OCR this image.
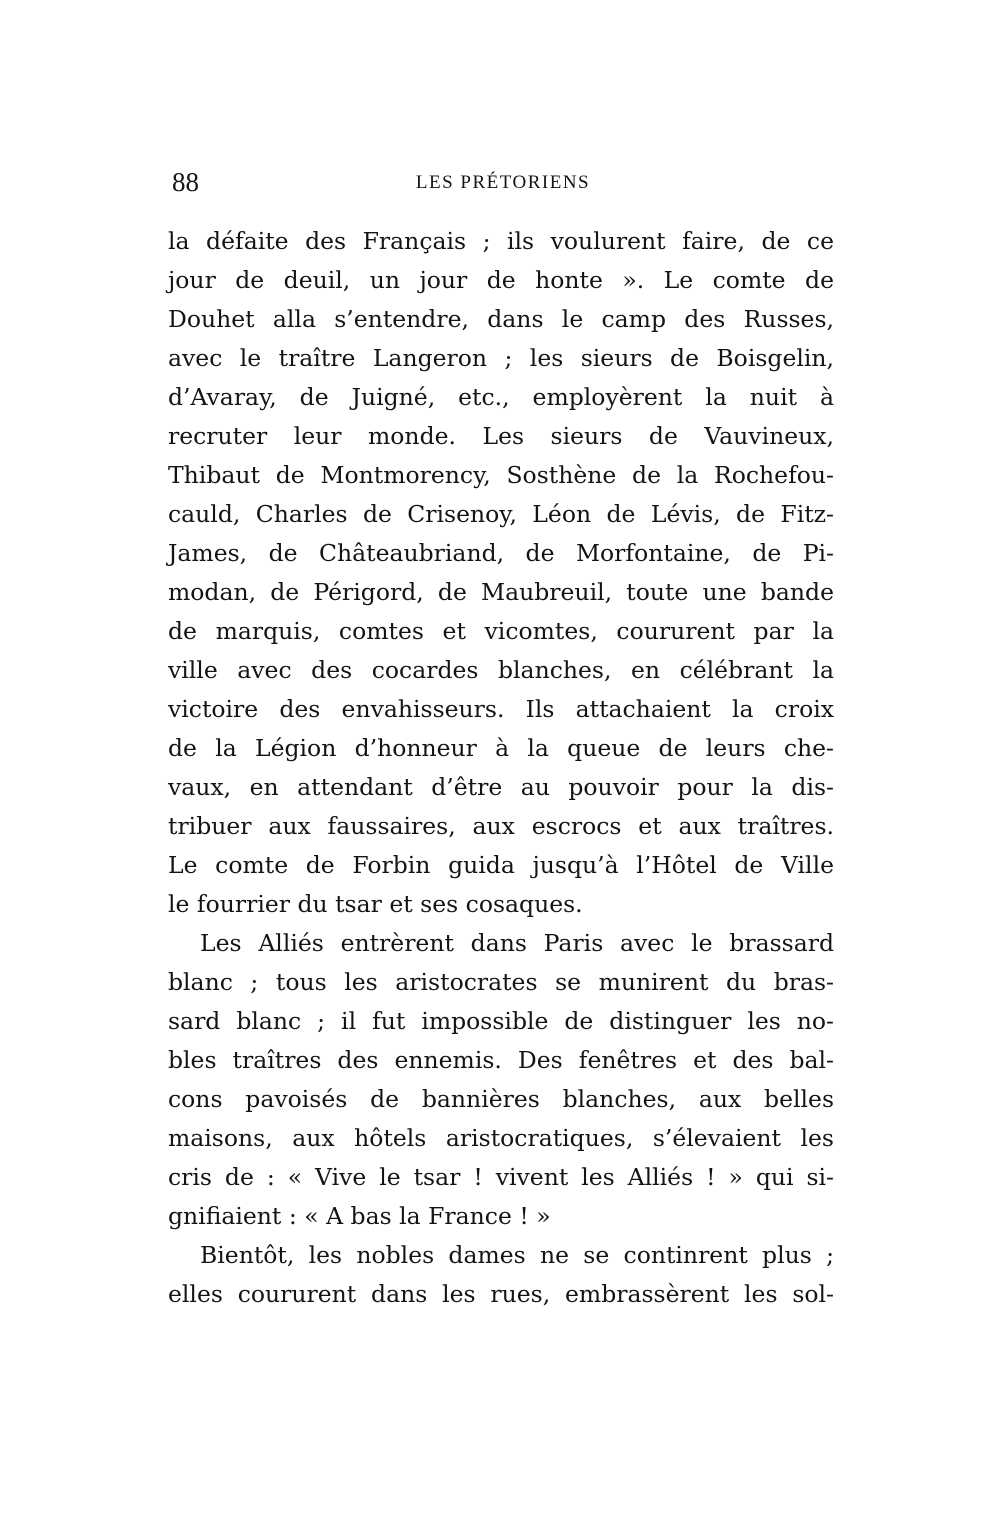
88	LES PRÉTORIENS
la défaite des Français ; ils voulurent faire, de ce
jour de deuil, un jour de honte ». Le comte de
Douhet alla s’entendre, dans le camp des Russes,
avec le traître Langeron ; les sieurs de Boisgelin,
d’Avaray, de Juigné, etc., employèrent la nuit à
recruter leur monde. Les sieurs de Vauvineux,
Thibaut de Montmorency, Sosthène de la Rochefou-
cauld, Charles de Crisenoy, Léon de Lévis, de Fitz-
James, de Châteaubriand, de Morfontaine, de Pi-
modan, de Périgord, de Maubreuil, toute une bande
de marquis, comtes et vicomtes, coururent par la
ville avec des cocardes blanches, en célébrant la
victoire des envahisseurs. Ils attachaient la croix
de la Légion d’honneur à la queue de leurs che-
vaux, en attendant d’être au pouvoir pour la dis-
tribuer aux faussaires, aux escrocs et aux traîtres.
Le comte de Forbin guida jusqu’à l’Hôtel de Ville
le fourrier du tsar et ses cosaques.
Les Alliés entrèrent dans Paris avec le brassard
blanc ; tous les aristocrates se munirent du bras-
sard blanc ; il fut impossible de distinguer les no-
bles traîtres des ennemis. Des fenêtres et des bal-
cons pavoisés de bannières blanches, aux belles
maisons, aux hôtels aristocratiques, s’élevaient les
cris de : « Vive le tsar ! vivent les Alliés ! » qui si-
gnifiaient : « A bas la France ! »
Bientôt, les nobles dames ne se continrent plus ;
elles coururent dans les rues, embrassèrent les sol-
